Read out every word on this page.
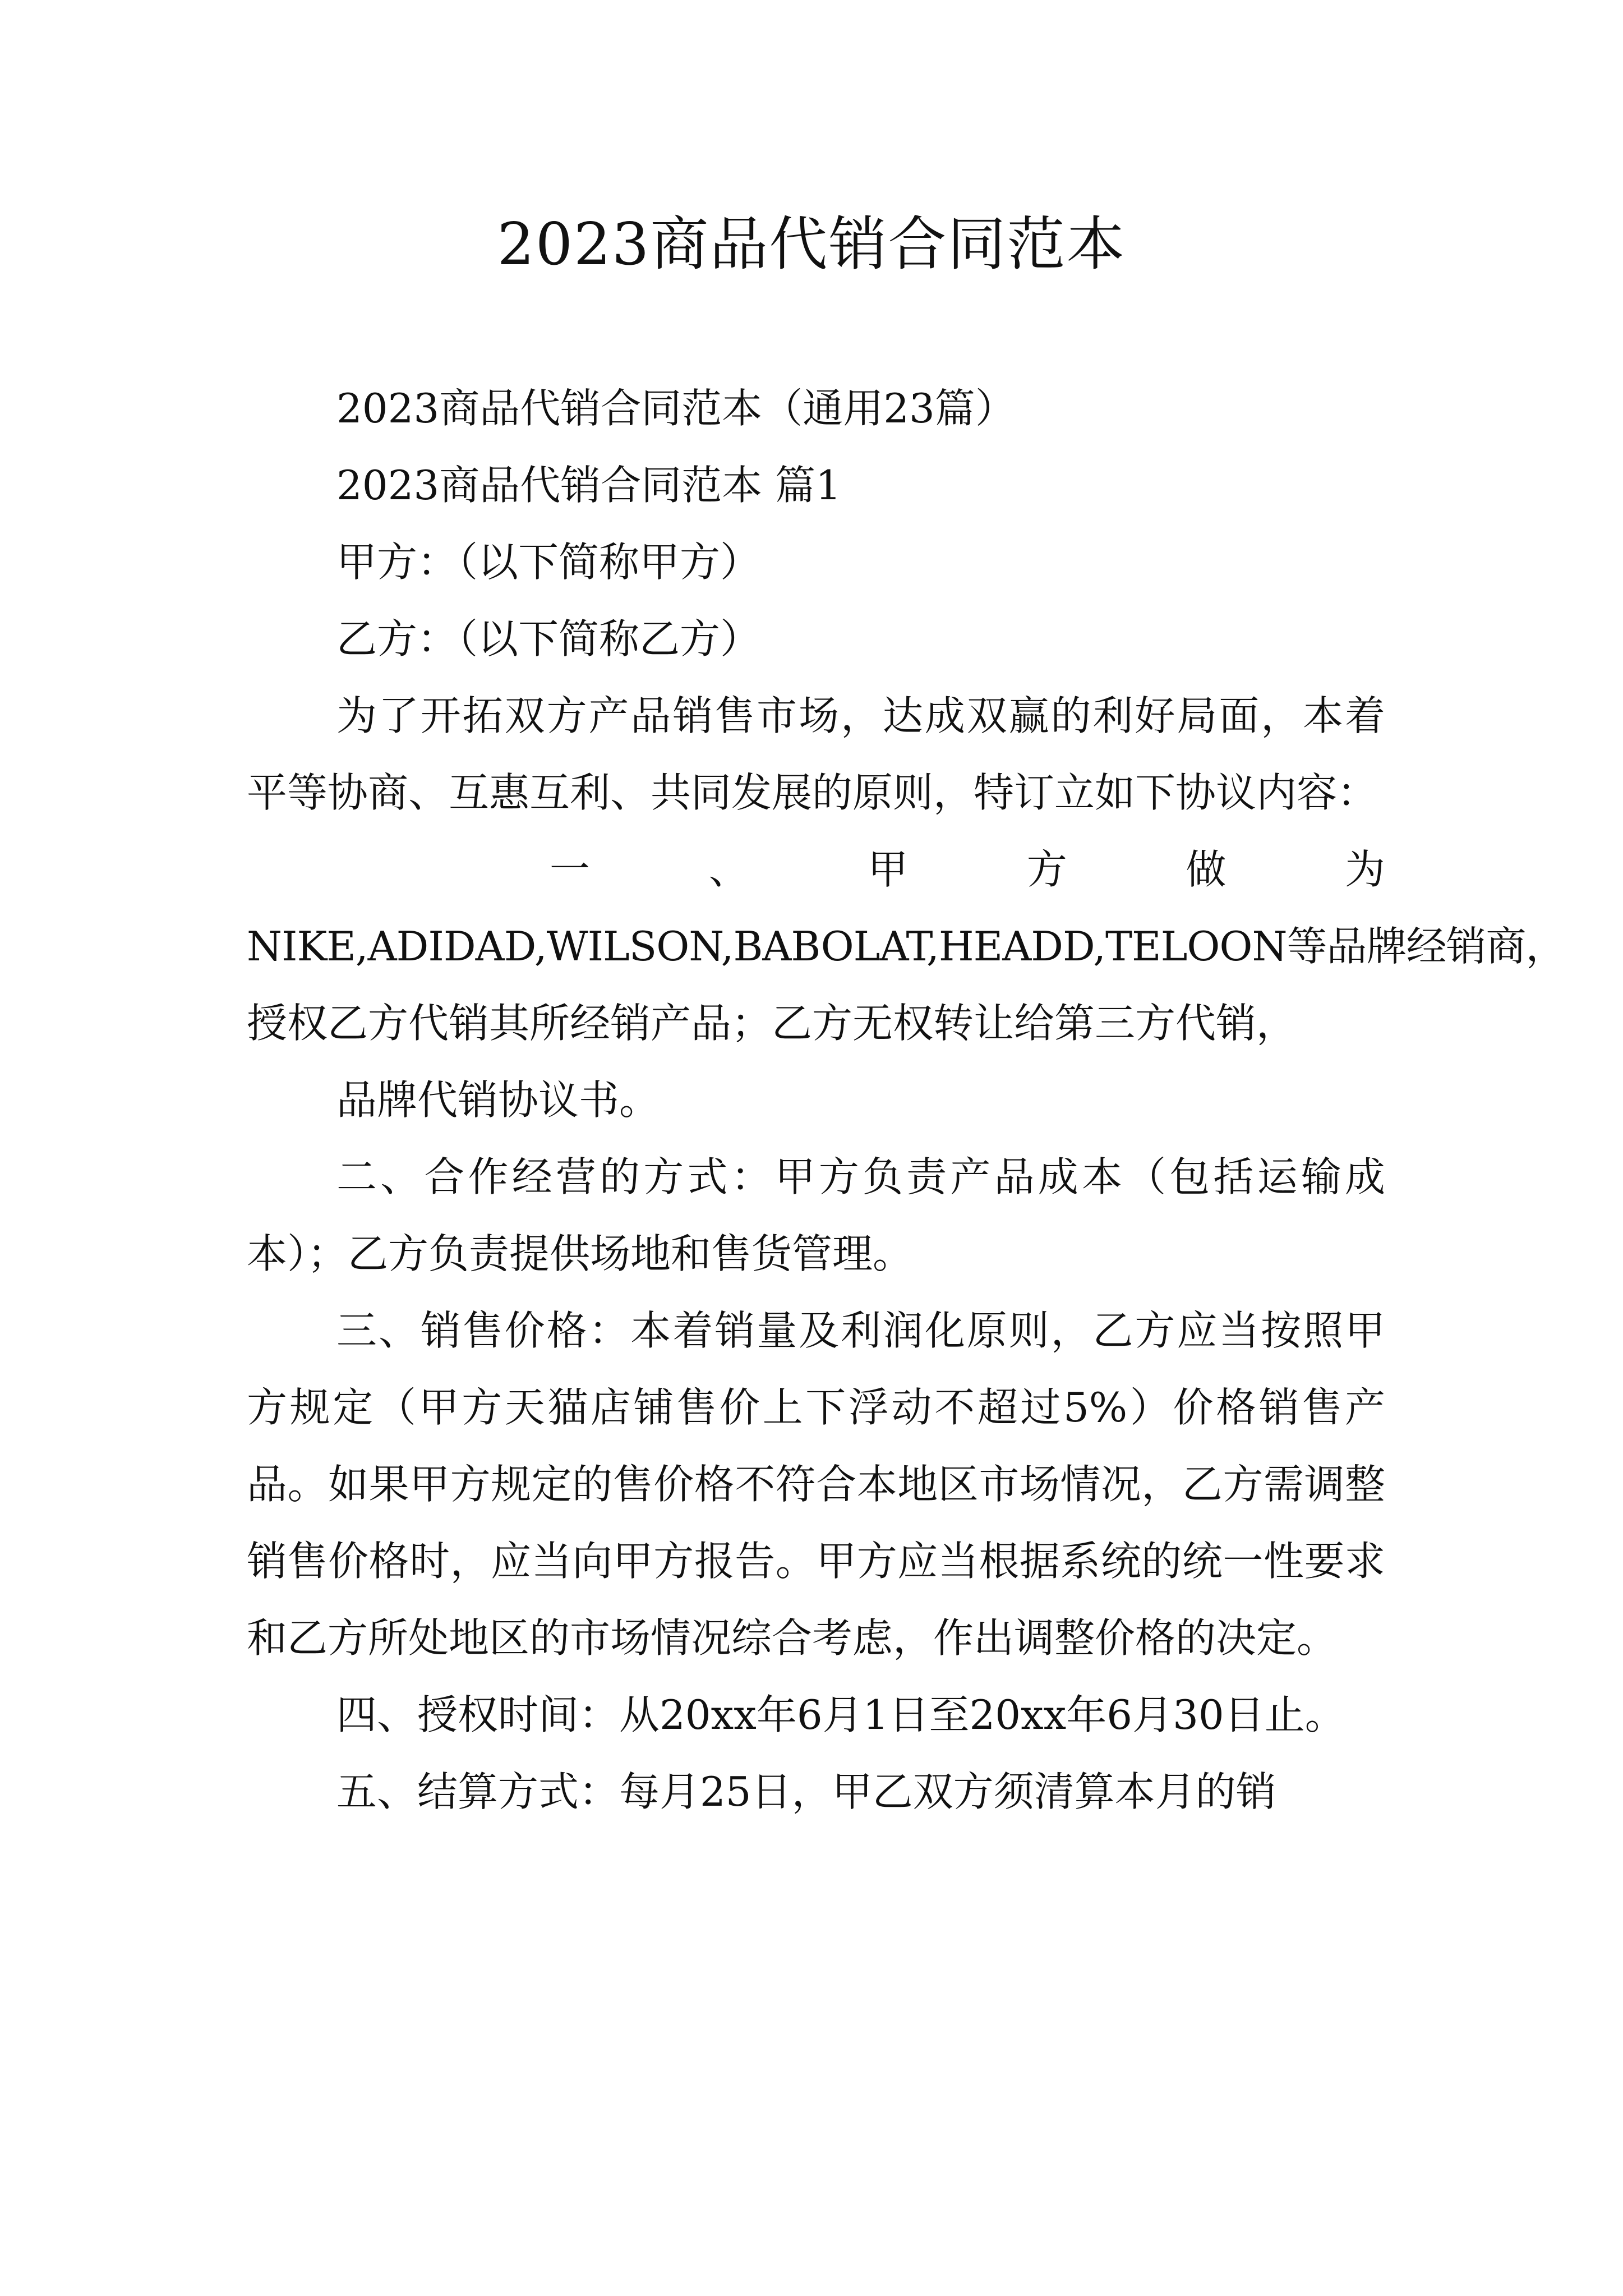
2023商品代销合同范本

2023商品代销合同范本（通用23篇）

2023商品代销合同范本 篇1

甲方：（以下简称甲方）

乙方：（以下简称乙方）

为了开拓双方产品销售市场，达成双赢的利好局面，本着平等协商、互惠互利、共同发展的原则，特订立如下协议内容：

一	、	甲	方	做	为

NIKE,ADIDAD,WILSON,BABOLAT,HEADD,TELOON等品牌经销商，

授权乙方代销其所经销产品；乙方无权转让给第三方代销，

品牌代销协议书。

二、合作经营的方式：甲方负责产品成本（包括运输成本）；乙方负责提供场地和售货管理。

三、销售价格：本着销量及利润化原则，乙方应当按照甲方规定（甲方天猫店铺售价上下浮动不超过5%）价格销售产品。如果甲方规定的售价格不符合本地区市场情况，乙方需调整销售价格时，应当向甲方报告。甲方应当根据系统的统一性要求和乙方所处地区的市场情况综合考虑，作出调整价格的决定。

四、授权时间：从20xx年6月1日至20xx年6月30日止。

五、结算方式：每月25日，甲乙双方须清算本月的销
